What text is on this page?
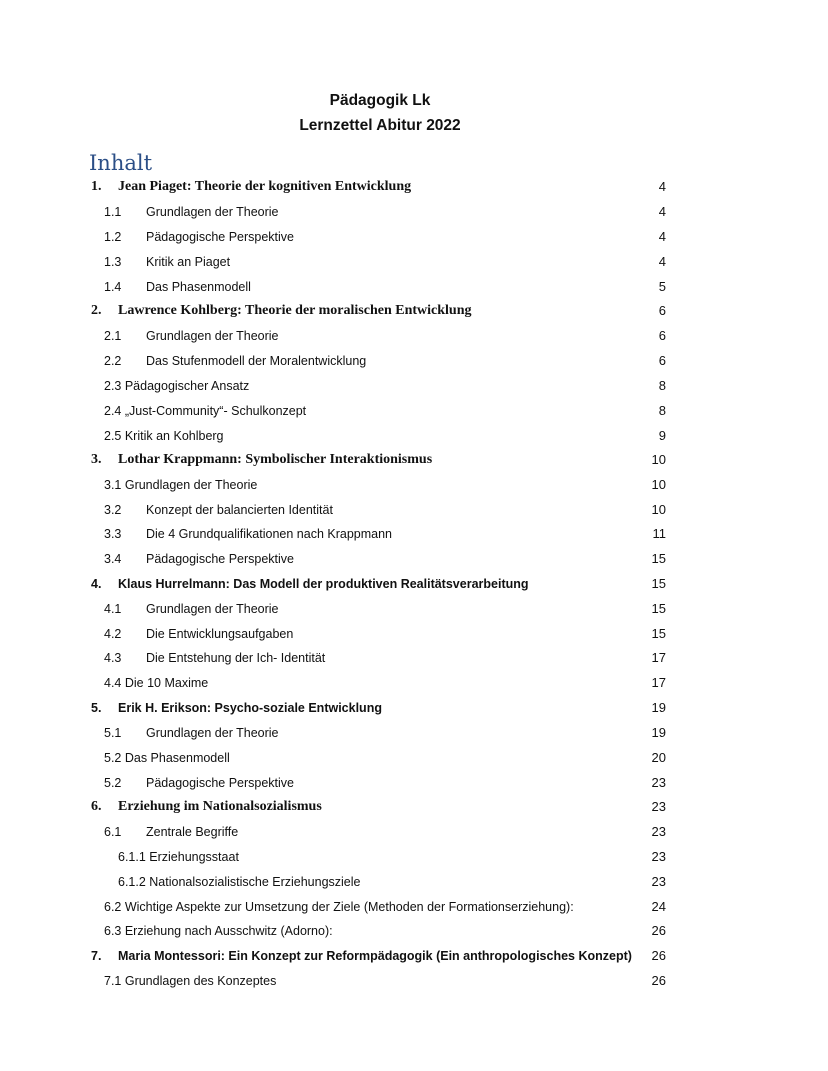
Pädagogik Lk
Lernzettel Abitur 2022
Inhalt
1. Jean Piaget: Theorie der kognitiven Entwicklung	4
1.1 Grundlagen der Theorie	4
1.2 Pädagogische Perspektive	4
1.3 Kritik an Piaget	4
1.4 Das Phasenmodell	5
2. Lawrence Kohlberg: Theorie der moralischen Entwicklung	6
2.1 Grundlagen der Theorie	6
2.2 Das Stufenmodell der Moralentwicklung	6
2.3 Pädagogischer Ansatz	8
2.4 „Just-Community“- Schulkonzept	8
2.5 Kritik an Kohlberg	9
3. Lothar Krappmann: Symbolischer Interaktionismus	10
3.1 Grundlagen der Theorie	10
3.2 Konzept der balancierten Identität	10
3.3 Die 4 Grundqualifikationen nach Krappmann	11
3.4 Pädagogische Perspektive	15
4. Klaus Hurrelmann: Das Modell der produktiven Realitätsverarbeitung	15
4.1 Grundlagen der Theorie	15
4.2 Die Entwicklungsaufgaben	15
4.3 Die Entstehung der Ich- Identität	17
4.4 Die 10 Maxime	17
5. Erik H. Erikson: Psycho-soziale Entwicklung	19
5.1 Grundlagen der Theorie	19
5.2 Das Phasenmodell	20
5.2 Pädagogische Perspektive	23
6. Erziehung im Nationalsozialismus	23
6.1 Zentrale Begriffe	23
6.1.1 Erziehungsstaat	23
6.1.2 Nationalsozialistische Erziehungsziele	23
6.2 Wichtige Aspekte zur Umsetzung der Ziele (Methoden der Formationserziehung):	24
6.3 Erziehung nach Ausschwitz (Adorno):	26
7. Maria Montessori: Ein Konzept zur Reformpädagogik (Ein anthropologisches Konzept) 26
7.1 Grundlagen des Konzeptes	26
